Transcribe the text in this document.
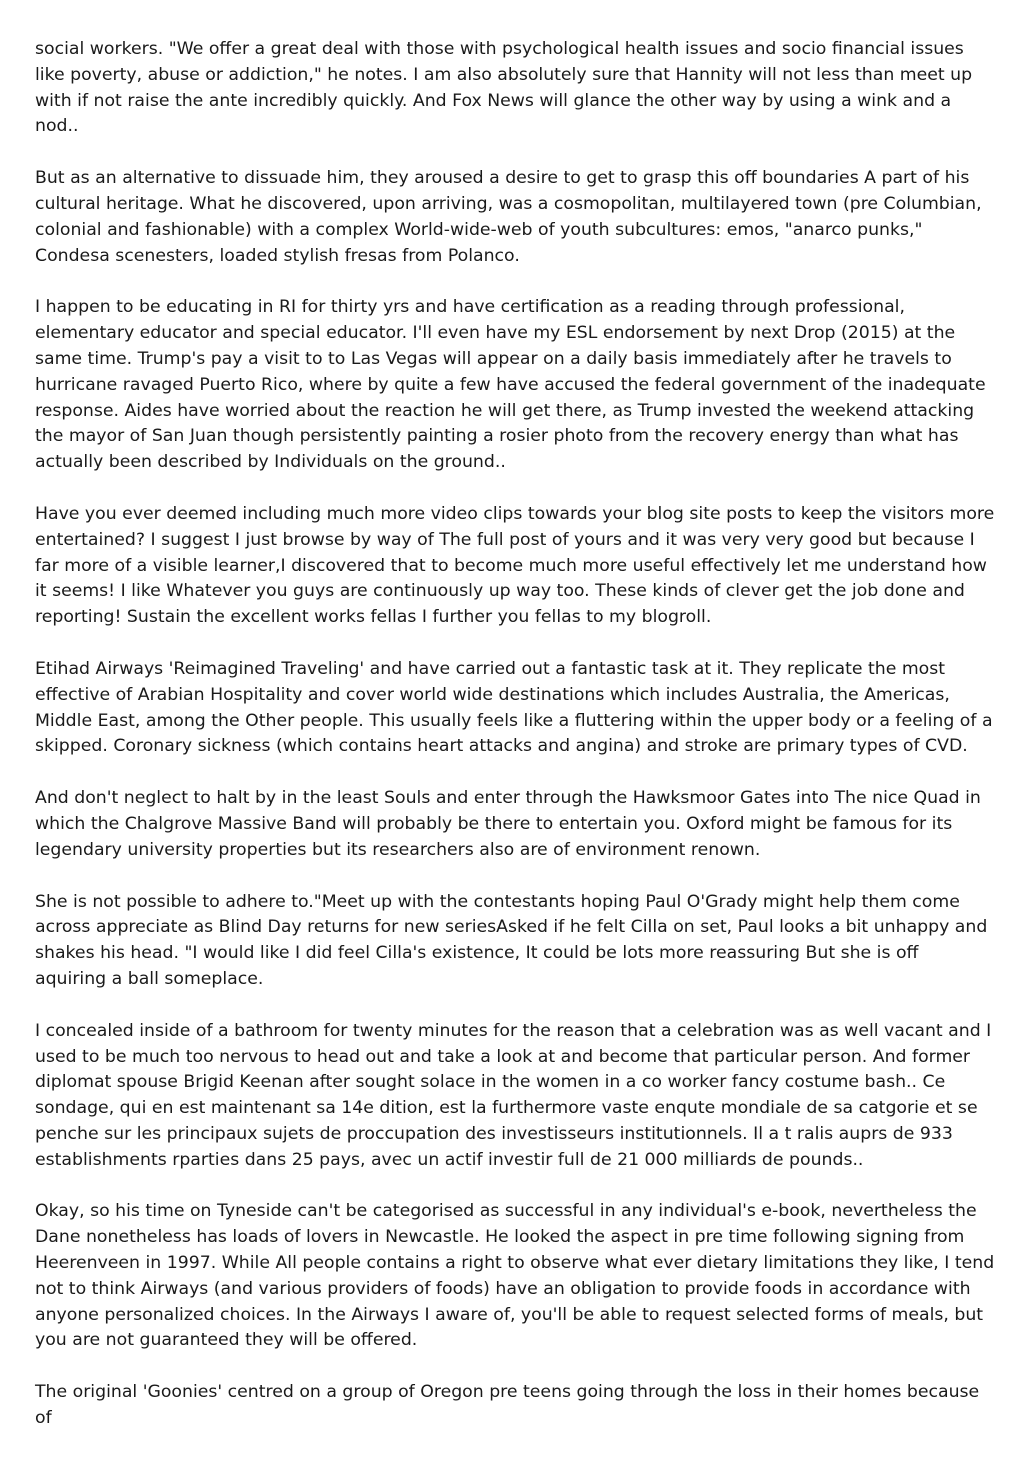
social workers. "We offer a great deal with those with psychological health issues and socio financial issues like poverty, abuse or addiction," he notes. I am also absolutely sure that Hannity will not less than meet up with if not raise the ante incredibly quickly. And Fox News will glance the other way by using a wink and a nod..

But as an alternative to dissuade him, they aroused a desire to get to grasp this off boundaries A part of his cultural heritage. What he discovered, upon arriving, was a cosmopolitan, multilayered town (pre Columbian, colonial and fashionable) with a complex World-wide-web of youth subcultures: emos, "anarco punks," Condesa scenesters, loaded stylish fresas from Polanco.

I happen to be educating in RI for thirty yrs and have certification as a reading through professional, elementary educator and special educator. I'll even have my ESL endorsement by next Drop (2015) at the same time. Trump's pay a visit to to Las Vegas will appear on a daily basis immediately after he travels to hurricane ravaged Puerto Rico, where by quite a few have accused the federal government of the inadequate response. Aides have worried about the reaction he will get there, as Trump invested the weekend attacking the mayor of San Juan though persistently painting a rosier photo from the recovery energy than what has actually been described by Individuals on the ground..

Have you ever deemed including much more video clips towards your blog site posts to keep the visitors more entertained? I suggest I just browse by way of The full post of yours and it was very very good but because I far more of a visible learner,I discovered that to become much more useful effectively let me understand how it seems! I like Whatever you guys are continuously up way too. These kinds of clever get the job done and reporting! Sustain the excellent works fellas I further you fellas to my blogroll.

Etihad Airways 'Reimagined Traveling' and have carried out a fantastic task at it. They replicate the most effective of Arabian Hospitality and cover world wide destinations which includes Australia, the Americas, Middle East, among the Other people. This usually feels like a fluttering within the upper body or a feeling of a skipped. Coronary sickness (which contains heart attacks and angina) and stroke are primary types of CVD.

And don't neglect to halt by in the least Souls and enter through the Hawksmoor Gates into The nice Quad in which the Chalgrove Massive Band will probably be there to entertain you. Oxford might be famous for its legendary university properties but its researchers also are of environment renown.

She is not possible to adhere to."Meet up with the contestants hoping Paul O'Grady might help them come across appreciate as Blind Day returns for new seriesAsked if he felt Cilla on set, Paul looks a bit unhappy and shakes his head. "I would like I did feel Cilla's existence, It could be lots more reassuring But she is off aquiring a ball someplace.

I concealed inside of a bathroom for twenty minutes for the reason that a celebration was as well vacant and I used to be much too nervous to head out and take a look at and become that particular person. And former diplomat spouse Brigid Keenan after sought solace in the women in a co worker fancy costume bash.. Ce sondage, qui en est maintenant sa 14e dition, est la furthermore vaste enqute mondiale de sa catgorie et se penche sur les principaux sujets de proccupation des investisseurs institutionnels. Il a t ralis auprs de 933 establishments rparties dans 25 pays, avec un actif investir full de 21 000 milliards de pounds..

Okay, so his time on Tyneside can't be categorised as successful in any individual's e-book, nevertheless the Dane nonetheless has loads of lovers in Newcastle. He looked the aspect in pre time following signing from Heerenveen in 1997. While All people contains a right to observe what ever dietary limitations they like, I tend not to think Airways (and various providers of foods) have an obligation to provide foods in accordance with anyone personalized choices. In the Airways I aware of, you'll be able to request selected forms of meals, but you are not guaranteed they will be offered.

The original 'Goonies' centred on a group of Oregon pre teens going through the loss in their homes because of
